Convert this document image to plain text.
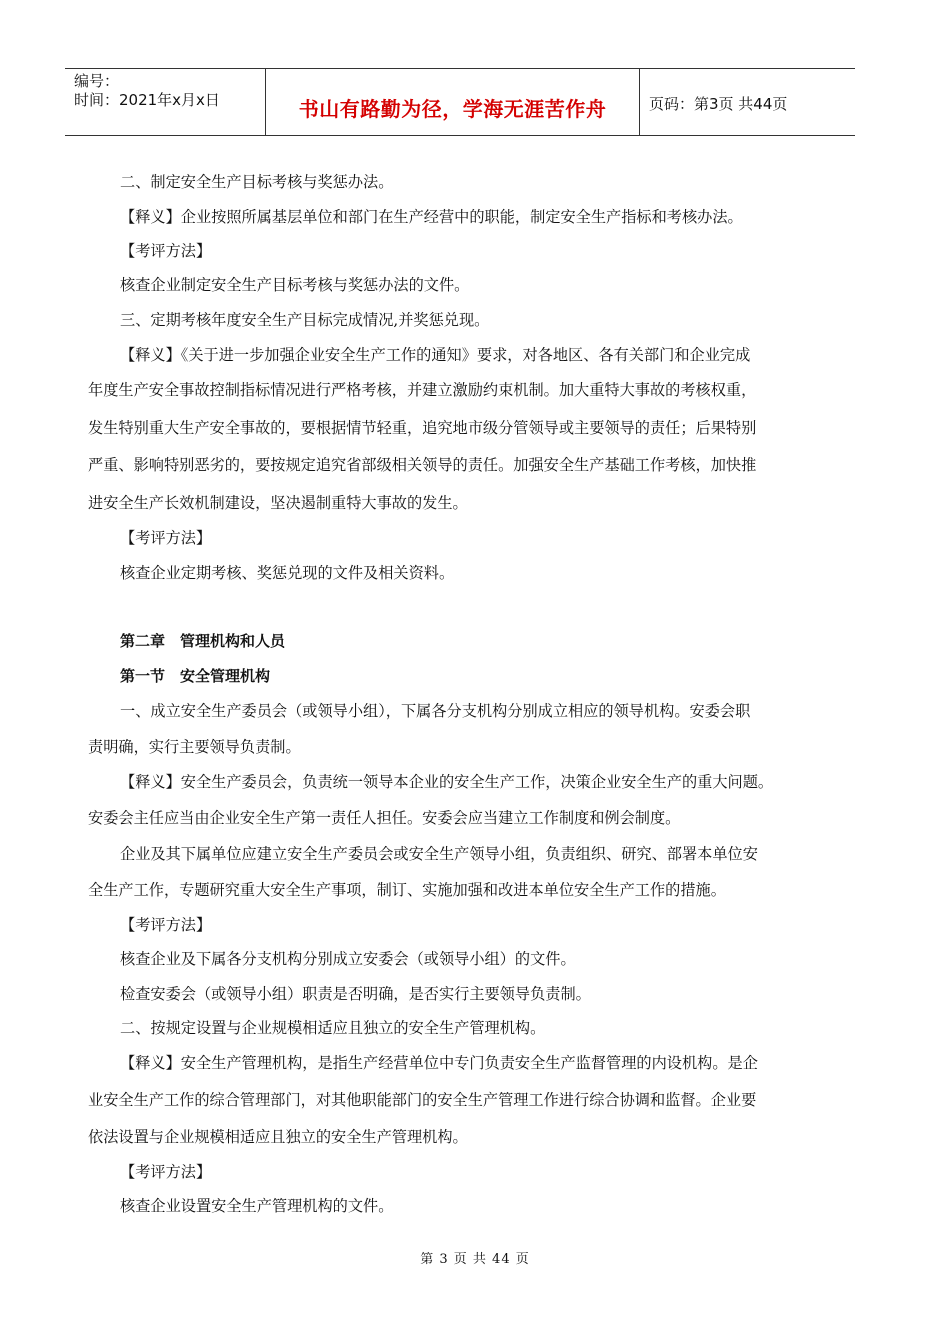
编号：
时间：2021年x月x日	书山有路勤为径，学海无涯苦作舟	页码：第3页 共44页
二、制定安全生产目标考核与奖惩办法。
【释义】企业按照所属基层单位和部门在生产经营中的职能，制定安全生产指标和考核办法。
【考评方法】
核查企业制定安全生产目标考核与奖惩办法的文件。
三、定期考核年度安全生产目标完成情况,并奖惩兑现。
【释义】《关于进一步加强企业安全生产工作的通知》要求，对各地区、各有关部门和企业完成
年度生产安全事故控制指标情况进行严格考核，并建立激励约束机制。加大重特大事故的考核权重，
发生特别重大生产安全事故的，要根据情节轻重，追究地市级分管领导或主要领导的责任；后果特别
严重、影响特别恶劣的，要按规定追究省部级相关领导的责任。加强安全生产基础工作考核，加快推
进安全生产长效机制建设，坚决遏制重特大事故的发生。
【考评方法】
核查企业定期考核、奖惩兑现的文件及相关资料。
第二章　管理机构和人员
第一节　安全管理机构
一、成立安全生产委员会（或领导小组），下属各分支机构分别成立相应的领导机构。安委会职
责明确，实行主要领导负责制。
【释义】安全生产委员会，负责统一领导本企业的安全生产工作，决策企业安全生产的重大问题。
安委会主任应当由企业安全生产第一责任人担任。安委会应当建立工作制度和例会制度。
企业及其下属单位应建立安全生产委员会或安全生产领导小组，负责组织、研究、部署本单位安
全生产工作，专题研究重大安全生产事项，制订、实施加强和改进本单位安全生产工作的措施。
【考评方法】
核查企业及下属各分支机构分别成立安委会（或领导小组）的文件。
检查安委会（或领导小组）职责是否明确，是否实行主要领导负责制。
二、按规定设置与企业规模相适应且独立的安全生产管理机构。
【释义】安全生产管理机构，是指生产经营单位中专门负责安全生产监督管理的内设机构。是企
业安全生产工作的综合管理部门，对其他职能部门的安全生产管理工作进行综合协调和监督。企业要
依法设置与企业规模相适应且独立的安全生产管理机构。
【考评方法】
核查企业设置安全生产管理机构的文件。
第 3 页 共 44 页
